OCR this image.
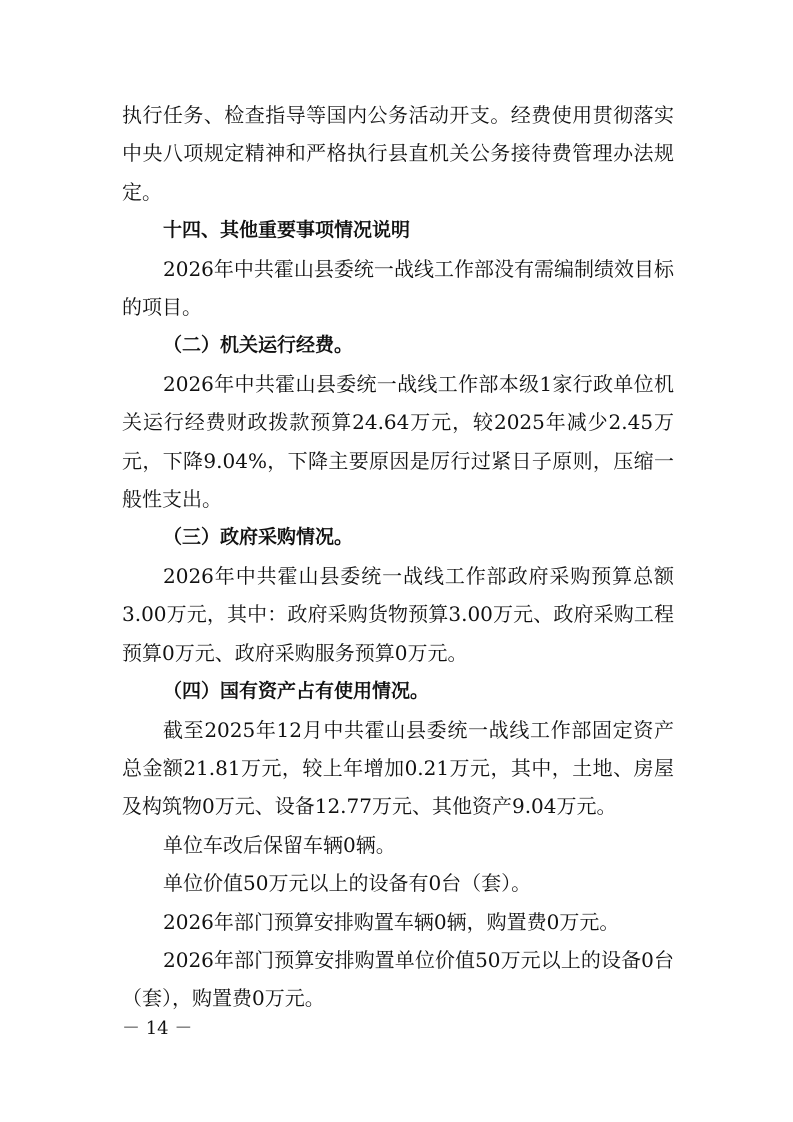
执行任务、检查指导等国内公务活动开支。经费使用贯彻落实中央八项规定精神和严格执行县直机关公务接待费管理办法规定。

十四、其他重要事项情况说明

2026年中共霍山县委统一战线工作部没有需编制绩效目标的项目。

（二）机关运行经费。

2026年中共霍山县委统一战线工作部本级1家行政单位机关运行经费财政拨款预算24.64万元，较2025年减少2.45万元，下降9.04%，下降主要原因是厉行过紧日子原则，压缩一般性支出。

（三）政府采购情况。

2026年中共霍山县委统一战线工作部政府采购预算总额3.00万元，其中：政府采购货物预算3.00万元、政府采购工程预算0万元、政府采购服务预算0万元。

（四）国有资产占有使用情况。

截至2025年12月中共霍山县委统一战线工作部固定资产总金额21.81万元，较上年增加0.21万元，其中，土地、房屋及构筑物0万元、设备12.77万元、其他资产9.04万元。

单位车改后保留车辆0辆。

单位价值50万元以上的设备有0台（套）。

2026年部门预算安排购置车辆0辆，购置费0万元。

2026年部门预算安排购置单位价值50万元以上的设备0台（套），购置费0万元。

－ 14 －
